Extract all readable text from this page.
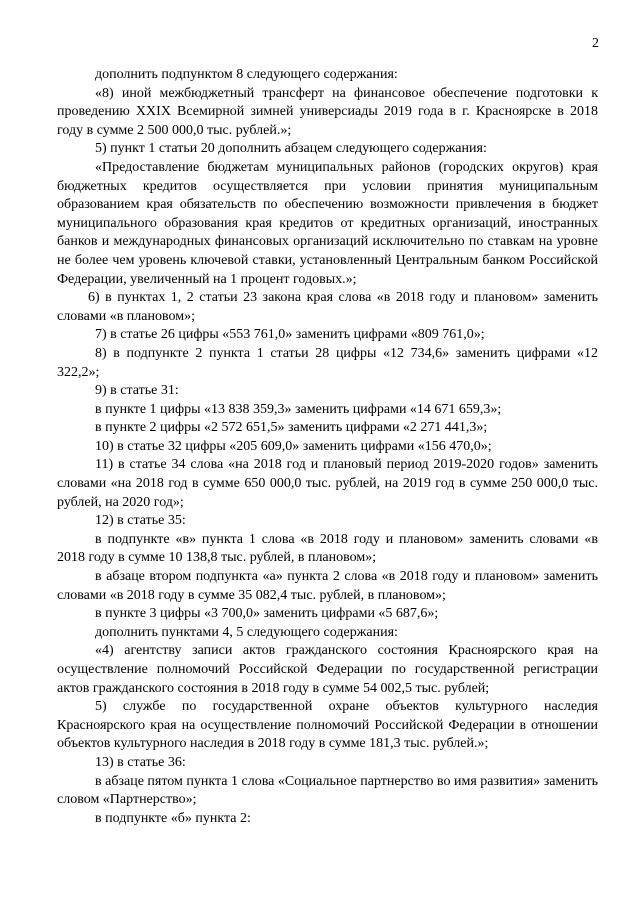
2

дополнить подпунктом 8 следующего содержания:

«8) иной межбюджетный трансферт на финансовое обеспечение подготовки к проведению XXIX Всемирной зимней универсиады 2019 года в г. Красноярске в 2018 году в сумме 2 500 000,0 тыс. рублей.»;

5) пункт 1 статьи 20 дополнить абзацем следующего содержания:

«Предоставление бюджетам муниципальных районов (городских округов) края бюджетных кредитов осуществляется при условии принятия муниципальным образованием края обязательств по обеспечению возможности привлечения в бюджет муниципального образования края кредитов от кредитных организаций, иностранных банков и международных финансовых организаций исключительно по ставкам на уровне не более чем уровень ключевой ставки, установленный Центральным банком Российской Федерации, увеличенный на 1 процент годовых.»;

6) в пунктах 1, 2 статьи 23 закона края слова «в 2018 году и плановом» заменить словами «в плановом»;

7) в статье 26 цифры «553 761,0» заменить цифрами «809 761,0»;

8) в подпункте 2 пункта 1 статьи 28 цифры «12 734,6» заменить цифрами «12 322,2»;

9) в статье 31:

в пункте 1 цифры «13 838 359,3» заменить цифрами «14 671 659,3»;

в пункте 2 цифры «2 572 651,5» заменить цифрами «2 271 441,3»;

10) в статье 32 цифры «205 609,0» заменить цифрами «156 470,0»;

11) в статье 34 слова «на 2018 год и плановый период 2019-2020 годов» заменить словами «на 2018 год в сумме 650 000,0 тыс. рублей, на 2019 год в сумме 250 000,0 тыс. рублей, на 2020 год»;

12) в статье 35:

в подпункте «в» пункта 1 слова «в 2018 году и плановом» заменить словами «в 2018 году в сумме 10 138,8 тыс. рублей, в плановом»;

в абзаце втором подпункта «а» пункта 2 слова «в 2018 году и плановом» заменить словами «в 2018 году в сумме 35 082,4 тыс. рублей, в плановом»;

в пункте 3 цифры «3 700,0» заменить цифрами «5 687,6»;

дополнить пунктами 4, 5 следующего содержания:

«4) агентству записи актов гражданского состояния Красноярского края на осуществление полномочий Российской Федерации по государственной регистрации актов гражданского состояния в 2018 году в сумме 54 002,5 тыс. рублей;

5) службе по государственной охране объектов культурного наследия Красноярского края на осуществление полномочий Российской Федерации в отношении объектов культурного наследия в 2018 году в сумме 181,3 тыс. рублей.»;

13) в статье 36:

в абзаце пятом пункта 1 слова «Социальное партнерство во имя развития» заменить словом «Партнерство»;

в подпункте «б» пункта 2:
